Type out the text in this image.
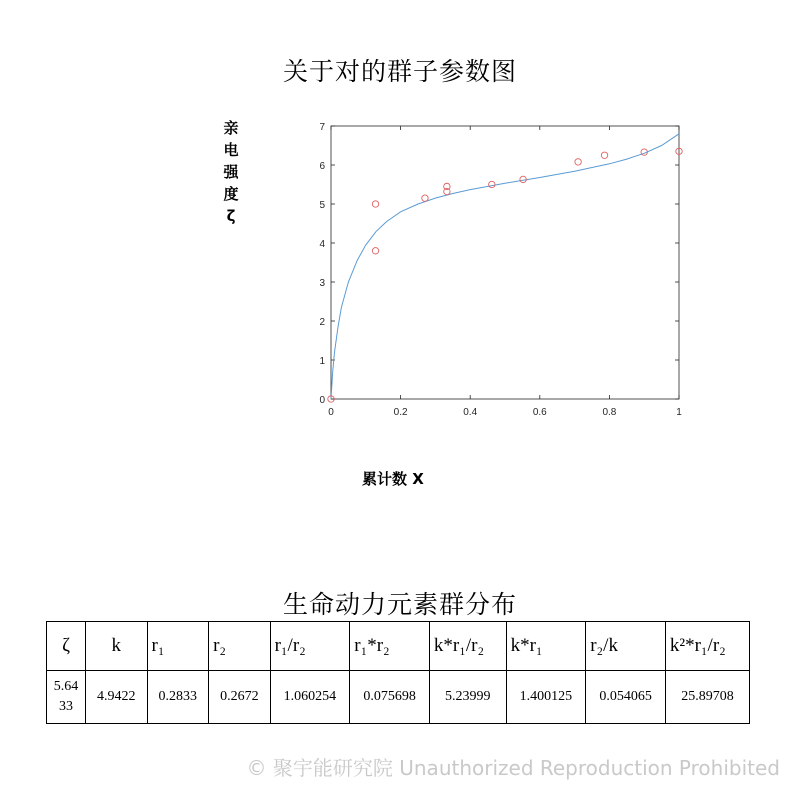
关于对的群子参数图
亲
电
强
度
ζ
0	0.2	0.4	0.6	0.8	1
0
1
2
3
4
5
6
7
累计数 X
生命动力元素群分布
ζ	k	r₁	r₂	r₁/r₂	r₁*r₂	k*r₁/r₂	k*r₁	r₂/k	k²*r₁/r₂
5.6433	4.9422	0.2833	0.2672	1.060254	0.075698	5.23999	1.400125	0.054065	25.89708
© 聚宇能研究院 Unauthorized Reproduction Prohibited
